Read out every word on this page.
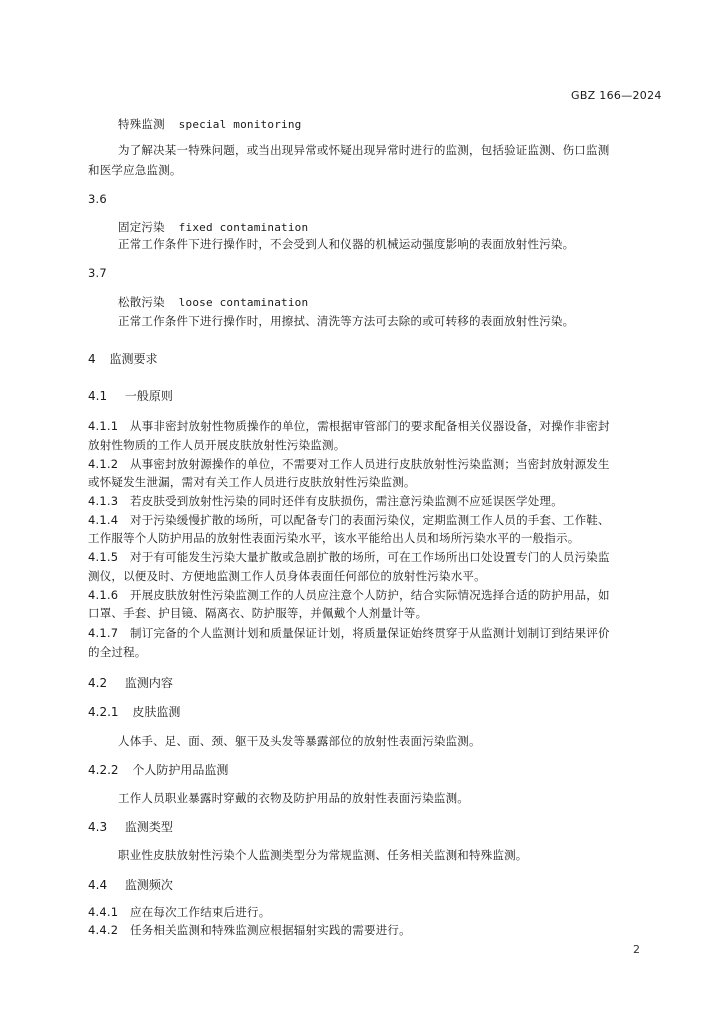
GBZ 166—2024
特殊监测 special monitoring
为了解决某一特殊问题，或当出现异常或怀疑出现异常时进行的监测，包括验证监测、伤口监测
和医学应急监测。
3.6
固定污染 fixed contamination
正常工作条件下进行操作时，不会受到人和仪器的机械运动强度影响的表面放射性污染。
3.7
松散污染 loose contamination
正常工作条件下进行操作时，用擦拭、清洗等方法可去除的或可转移的表面放射性污染。
4 监测要求
4.1 一般原则
4.1.1 从事非密封放射性物质操作的单位，需根据审管部门的要求配备相关仪器设备，对操作非密封
放射性物质的工作人员开展皮肤放射性污染监测。
4.1.2 从事密封放射源操作的单位，不需要对工作人员进行皮肤放射性污染监测；当密封放射源发生
或怀疑发生泄漏，需对有关工作人员进行皮肤放射性污染监测。
4.1.3 若皮肤受到放射性污染的同时还伴有皮肤损伤，需注意污染监测不应延误医学处理。
4.1.4 对于污染缓慢扩散的场所，可以配备专门的表面污染仪，定期监测工作人员的手套、工作鞋、
工作服等个人防护用品的放射性表面污染水平，该水平能给出人员和场所污染水平的一般指示。
4.1.5 对于有可能发生污染大量扩散或急剧扩散的场所，可在工作场所出口处设置专门的人员污染监
测仪，以便及时、方便地监测工作人员身体表面任何部位的放射性污染水平。
4.1.6 开展皮肤放射性污染监测工作的人员应注意个人防护，结合实际情况选择合适的防护用品，如
口罩、手套、护目镜、隔离衣、防护服等，并佩戴个人剂量计等。
4.1.7 制订完备的个人监测计划和质量保证计划，将质量保证始终贯穿于从监测计划制订到结果评价
的全过程。
4.2 监测内容
4.2.1 皮肤监测
人体手、足、面、颈、躯干及头发等暴露部位的放射性表面污染监测。
4.2.2 个人防护用品监测
工作人员职业暴露时穿戴的衣物及防护用品的放射性表面污染监测。
4.3 监测类型
职业性皮肤放射性污染个人监测类型分为常规监测、任务相关监测和特殊监测。
4.4 监测频次
4.4.1 应在每次工作结束后进行。
4.4.2 任务相关监测和特殊监测应根据辐射实践的需要进行。
2
